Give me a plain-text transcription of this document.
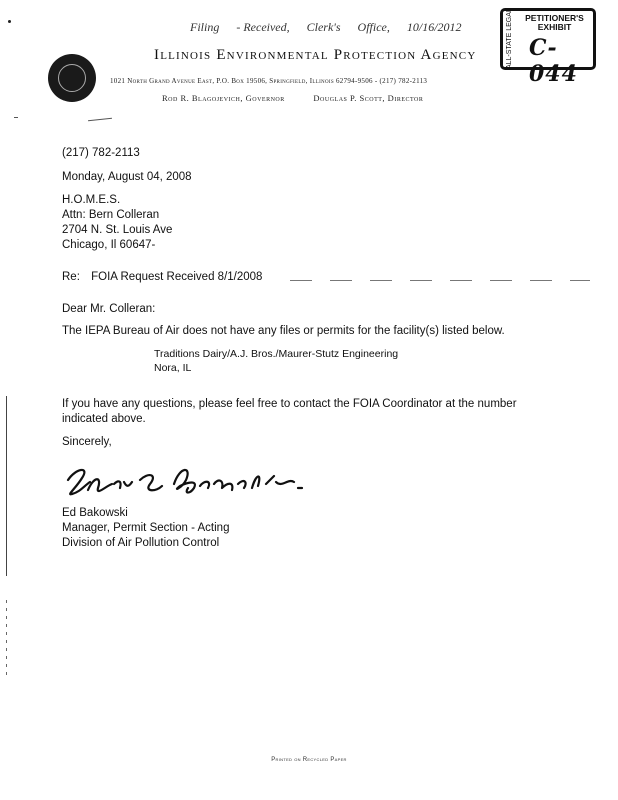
Filing - Received, Clerk's Office, 10/16/2012	ALL-STATE LEGAL	PETITIONER'S EXHIBIT
C-044
Illinois Environmental Protection Agency
1021 North Grand Avenue East, P.O. Box 19506, Springfield, Illinois 62794-9506 - (217) 782-2113
Rod R. Blagojevich, Governor	Douglas P. Scott, Director
(217) 782-2113
Monday, August 04, 2008
H.O.M.E.S.
Attn: Bern Colleran
2704 N. St. Louis Ave
Chicago, Il 60647-
Re: FOIA Request Received 8/1/2008
Dear Mr. Colleran:
The IEPA Bureau of Air does not have any files or permits for the facility(s) listed below.
Traditions Dairy/A.J. Bros./Maurer-Stutz Engineering
Nora, IL
If you have any questions, please feel free to contact the FOIA Coordinator at the number indicated above.
Sincerely,
Ed Bakowski
Manager, Permit Section - Acting
Division of Air Pollution Control
Printed on Recycled Paper
